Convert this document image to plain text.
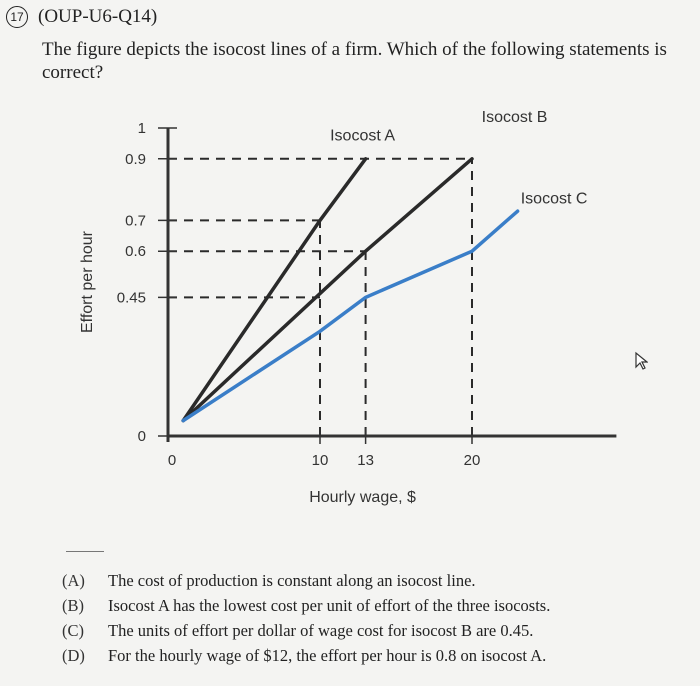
17 (OUP-U6-Q14)
The figure depicts the isocost lines of a firm. Which of the following statements is correct?
0
0.45
0.6
0.7
0.9
1
0	10 13	20
Isocost A
Isocost B
Isocost C
Hourly wage, $
Effort per hour
(A)	The cost of production is constant along an isocost line.
(B)	Isocost A has the lowest cost per unit of effort of the three isocosts.
(C)	The units of effort per dollar of wage cost for isocost B are 0.45.
(D)	For the hourly wage of $12, the effort per hour is 0.8 on isocost A.
